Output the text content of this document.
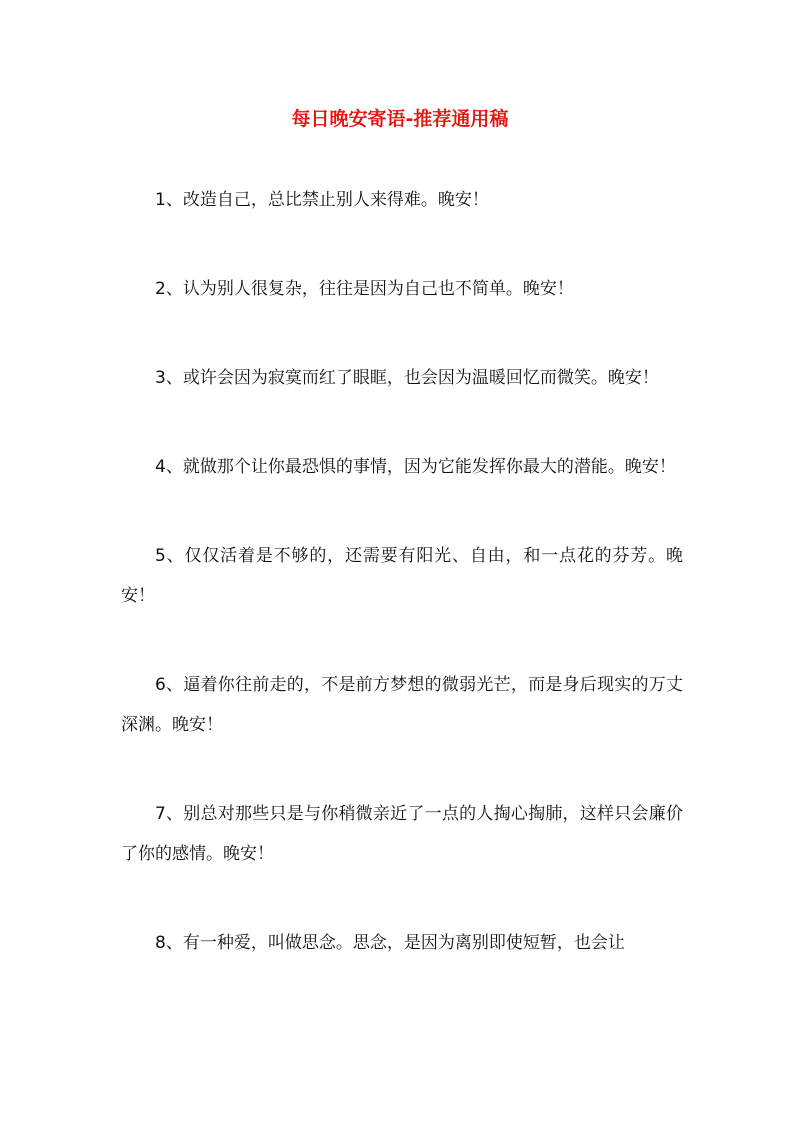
每日晚安寄语-推荐通用稿

1、改造自己，总比禁止别人来得难。晚安！

2、认为别人很复杂，往往是因为自己也不简单。晚安！

3、或许会因为寂寞而红了眼眶，也会因为温暖回忆而微笑。晚安！

4、就做那个让你最恐惧的事情，因为它能发挥你最大的潜能。晚安！

5、仅仅活着是不够的，还需要有阳光、自由，和一点花的芬芳。晚安！

6、逼着你往前走的，不是前方梦想的微弱光芒，而是身后现实的万丈深渊。晚安！

7、别总对那些只是与你稍微亲近了一点的人掏心掏肺，这样只会廉价了你的感情。晚安！

8、有一种爱，叫做思念。思念，是因为离别即使短暂，也会让
